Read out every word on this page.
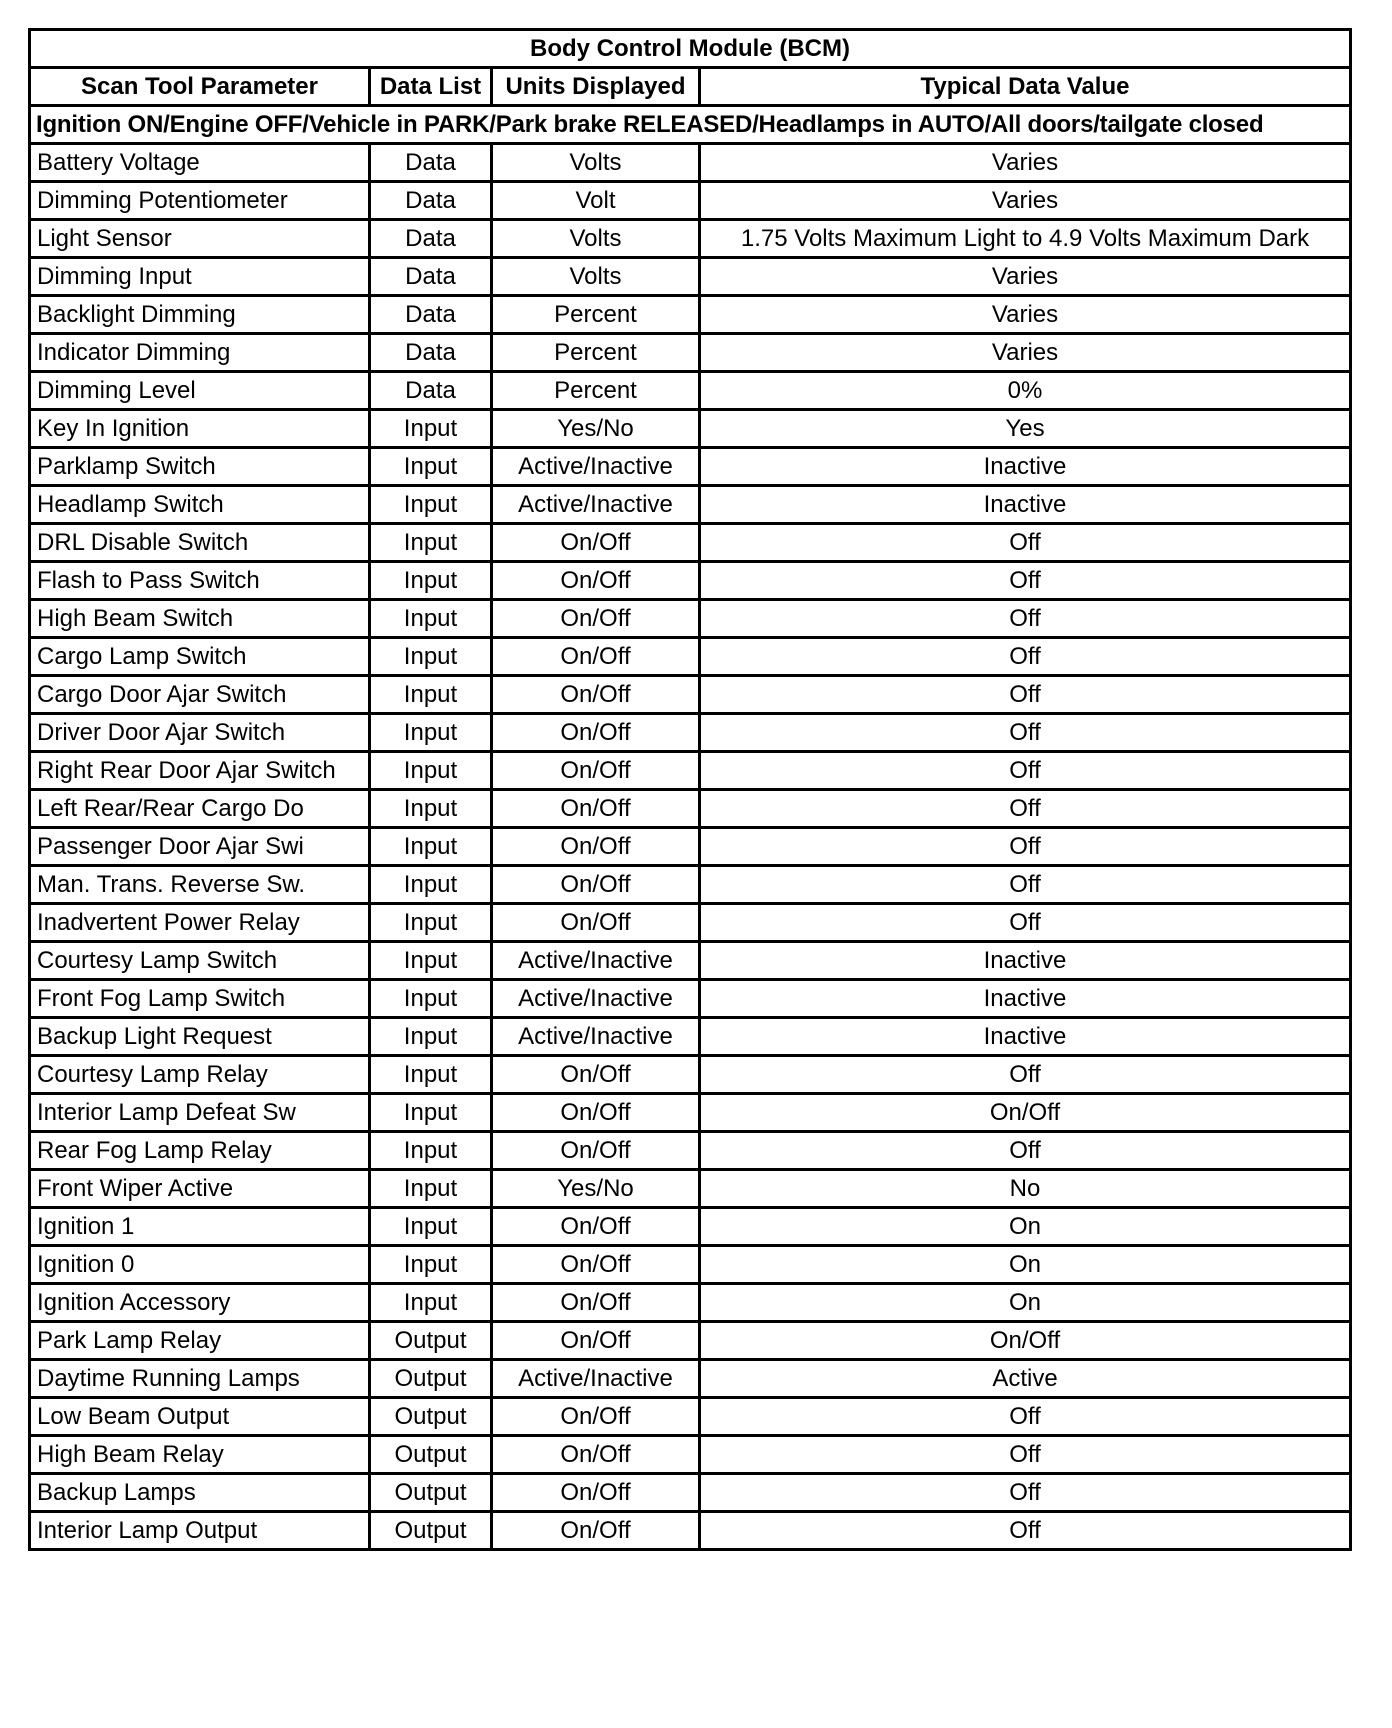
Body Control Module (BCM)			
Scan Tool Parameter	Data List	Units Displayed	Typical Data Value
Ignition ON/Engine OFF/Vehicle in PARK/Park brake RELEASED/Headlamps in AUTO/All doors/tailgate closed			
Battery Voltage	Data	Volts	Varies
Dimming Potentiometer	Data	Volt	Varies
Light Sensor	Data	Volts	1.75 Volts Maximum Light to 4.9 Volts Maximum Dark
Dimming Input	Data	Volts	Varies
Backlight Dimming	Data	Percent	Varies
Indicator Dimming	Data	Percent	Varies
Dimming Level	Data	Percent	0%
Key In Ignition	Input	Yes/No	Yes
Parklamp Switch	Input	Active/Inactive	Inactive
Headlamp Switch	Input	Active/Inactive	Inactive
DRL Disable Switch	Input	On/Off	Off
Flash to Pass Switch	Input	On/Off	Off
High Beam Switch	Input	On/Off	Off
Cargo Lamp Switch	Input	On/Off	Off
Cargo Door Ajar Switch	Input	On/Off	Off
Driver Door Ajar Switch	Input	On/Off	Off
Right Rear Door Ajar Switch	Input	On/Off	Off
Left Rear/Rear Cargo Do	Input	On/Off	Off
Passenger Door Ajar Swi	Input	On/Off	Off
Man. Trans. Reverse Sw.	Input	On/Off	Off
Inadvertent Power Relay	Input	On/Off	Off
Courtesy Lamp Switch	Input	Active/Inactive	Inactive
Front Fog Lamp Switch	Input	Active/Inactive	Inactive
Backup Light Request	Input	Active/Inactive	Inactive
Courtesy Lamp Relay	Input	On/Off	Off
Interior Lamp Defeat Sw	Input	On/Off	On/Off
Rear Fog Lamp Relay	Input	On/Off	Off
Front Wiper Active	Input	Yes/No	No
Ignition 1	Input	On/Off	On
Ignition 0	Input	On/Off	On
Ignition Accessory	Input	On/Off	On
Park Lamp Relay	Output	On/Off	On/Off
Daytime Running Lamps	Output	Active/Inactive	Active
Low Beam Output	Output	On/Off	Off
High Beam Relay	Output	On/Off	Off
Backup Lamps	Output	On/Off	Off
Interior Lamp Output	Output	On/Off	Off
